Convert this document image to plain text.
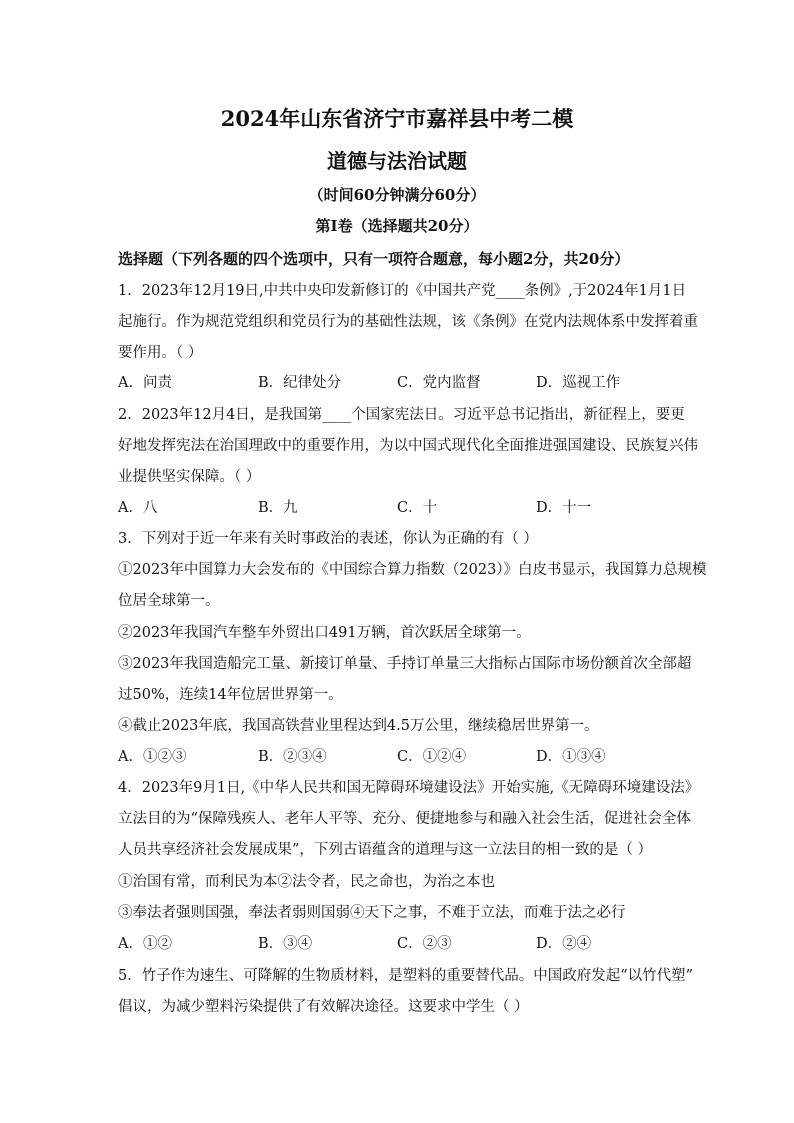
2024年山东省济宁市嘉祥县中考二模
道德与法治试题
（时间60分钟满分60分）
第Ⅰ卷（选择题共20分）
选择题（下列各题的四个选项中，只有一项符合题意，每小题2分，共20分）
1．2023年12月19日,中共中央印发新修订的《中国共产党____条例》,于2024年1月1日
起施行。作为规范党组织和党员行为的基础性法规，该《条例》在党内法规体系中发挥着重
要作用。（ ）
A．问责	B．纪律处分	C．党内监督	D．巡视工作
2．2023年12月4日，是我国第____个国家宪法日。习近平总书记指出，新征程上，要更
好地发挥宪法在治国理政中的重要作用，为以中国式现代化全面推进强国建设、民族复兴伟
业提供坚实保障。（ ）
A．八	B．九	C．十	D．十一
3．下列对于近一年来有关时事政治的表述，你认为正确的有（ ）
①2023年中国算力大会发布的《中国综合算力指数（2023）》白皮书显示，我国算力总规模
位居全球第一。
②2023年我国汽车整车外贸出口491万辆，首次跃居全球第一。
③2023年我国造船完工量、新接订单量、手持订单量三大指标占国际市场份额首次全部超
过50%，连续14年位居世界第一。
④截止2023年底，我国高铁营业里程达到4.5万公里，继续稳居世界第一。
A．①②③	B．②③④	C．①②④	D．①③④
4．2023年9月1日,《中华人民共和国无障碍环境建设法》开始实施,《无障碍环境建设法》
立法目的为“保障残疾人、老年人平等、充分、便捷地参与和融入社会生活，促进社会全体
人员共享经济社会发展成果”，下列古语蕴含的道理与这一立法目的相一致的是（ ）
①治国有常，而利民为本②法令者，民之命也，为治之本也
③奉法者强则国强，奉法者弱则国弱④天下之事，不难于立法，而难于法之必行
A．①②	B．③④	C．②③	D．②④
5．竹子作为速生、可降解的生物质材料，是塑料的重要替代品。中国政府发起“以竹代塑”
倡议，为减少塑料污染提供了有效解决途径。这要求中学生（ ）
